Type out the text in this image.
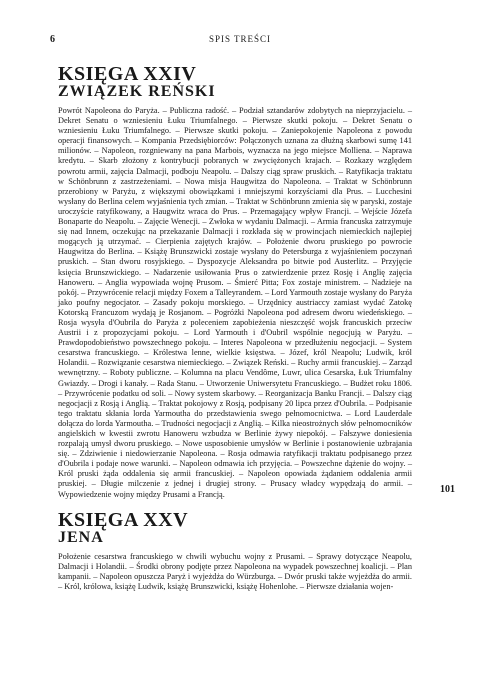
6	SPIS TREŚCI
KSIĘGA XXIV
ZWIĄZEK REŃSKI

Powrót Napoleona do Paryża. – Publiczna radość. – Podział sztandarów zdobytych na nieprzyjacielu. – Dekret Senatu o wzniesieniu Łuku Triumfalnego. – Pierwsze skutki pokoju. – Dekret Senatu o wzniesieniu Łuku Triumfalnego. – Pierwsze skutki pokoju. – Zaniepokojenie Napoleona z powodu operacji finansowych. – Kompania Przedsiębiorców: Połączonych uznana za dłużną skarbowi sumę 141 milionów. – Napoleon, rozgniewany na pana Marbois, wyznacza na jego miejsce Molliena. – Naprawa kredytu. – Skarb złożony z kontrybucji pobranych w zwyciężonych krajach. – Rozkazy względem powrotu armii, zajęcia Dalmacji, podboju Neapolu. – Dalszy ciąg spraw pruskich. – Ratyfikacja traktatu w Schönbrunn z zastrzeżeniami. – Nowa misja Haugwitza do Napoleona. – Traktat w Schönbrunn przerobiony w Paryżu, z większymi obowiązkami i mniejszymi korzyściami dla Prus. – Lucchesini wysłany do Berlina celem wyjaśnienia tych zmian. – Traktat w Schönbrunn zmienia się w paryski, zostaje uroczyście ratyfikowany, a Haugwitz wraca do Prus. – Przemagający wpływ Francji. – Wejście Józefa Bonaparte do Neapolu. – Zajęcie Wenecji. – Zwłoka w wydaniu Dalmacji. – Armia francuska zatrzymuje się nad Innem, oczekując na przekazanie Dalmacji i rozkłada się w prowincjach niemieckich najlepiej mogących ją utrzymać. – Cierpienia zajętych krajów. – Położenie dworu pruskiego po powrocie Haugwitza do Berlina. – Książę Brunszwicki zostaje wysłany do Petersburga z wyjaśnieniem poczynań pruskich. – Stan dworu rosyjskiego. – Dyspozycje Aleksandra po bitwie pod Austerlitz. – Przyjęcie księcia Brunszwickiego. – Nadarzenie usiłowania Prus o zatwierdzenie przez Rosję i Anglię zajęcia Hanoweru. – Anglia wypowiada wojnę Prusom. – Śmierć Pitta; Fox zostaje ministrem. – Nadzieje na pokój. – Przywrócenie relacji między Foxem a Talleyrandem. – Lord Yarmouth zostaje wysłany do Paryża jako poufny negocjator. – Zasady pokoju morskiego. – Urzędnicy austriaccy zamiast wydać Zatokę Kotorską Francuzom wydają je Rosjanom. – Pogróżki Napoleona pod adresem dworu wiedeńskiego. – Rosja wysyła d'Oubrila do Paryża z poleceniem zapobieżenia nieszczęść wojsk francuskich przeciw Austrii i z propozycjami pokoju. – Lord Yarmouth i d'Oubril wspólnie negocjują w Paryżu. – Prawdopodobieństwo powszechnego pokoju. – Interes Napoleona w przedłużeniu negocjacji. – System cesarstwa francuskiego. – Królestwa lenne, wielkie księstwa. – Józef, król Neapolu; Ludwik, król Holandii. – Rozwiązanie cesarstwa niemieckiego. – Związek Reński. – Ruchy armii francuskiej. – Zarząd wewnętrzny. – Roboty publiczne. – Kolumna na placu Vendôme, Luwr, ulica Cesarska, Łuk Triumfalny Gwiazdy. – Drogi i kanały. – Rada Stanu. – Utworzenie Uniwersytetu Francuskiego. – Budżet roku 1806. – Przywrócenie podatku od soli. – Nowy system skarbowy. – Reorganizacja Banku Francji. – Dalszy ciąg negocjacji z Rosją i Anglią. – Traktat pokojowy z Rosją, podpisany 20 lipca przez d'Oubrila. – Podpisanie tego traktatu skłania lorda Yarmoutha do przedstawienia swego pełnomocnictwa. – Lord Lauderdale dołącza do lorda Yarmoutha. – Trudności negocjacji z Anglią. – Kilka nieostrożnych słów pełnomocników angielskich w kwestii zwrotu Hanoweru wzbudza w Berlinie żywy niepokój. – Fałszywe doniesienia rozpalają umysł dworu pruskiego. – Nowe usposobienie umysłów w Berlinie i postanowienie uzbrajania się. – Zdziwienie i niedowierzanie Napoleona. – Rosja odmawia ratyfikacji traktatu podpisanego przez d'Oubrila i podaje nowe warunki. – Napoleon odmawia ich przyjęcia. – Powszechne dążenie do wojny. – Król pruski żąda oddalenia się armii francuskiej. – Napoleon opowiada żądaniem oddalenia armii pruskiej. – Długie milczenie z jednej i drugiej strony. – Prusacy władcy wypędzają do armii. – Wypowiedzenie wojny między Prusami a Francją.	101
KSIĘGA XXV
JENA

Położenie cesarstwa francuskiego w chwili wybuchu wojny z Prusami. – Sprawy dotyczące Neapolu, Dalmacji i Holandii. – Środki obrony podjęte przez Napoleona na wypadek powszechnej koalicji. – Plan kampanii. – Napoleon opuszcza Paryż i wyjeżdża do Würzburga. – Dwór pruski także wyjeżdża do armii. – Król, królowa, książę Ludwik, książę Brunszwicki, książę Hohenlohe. – Pierwsze działania wojen-
